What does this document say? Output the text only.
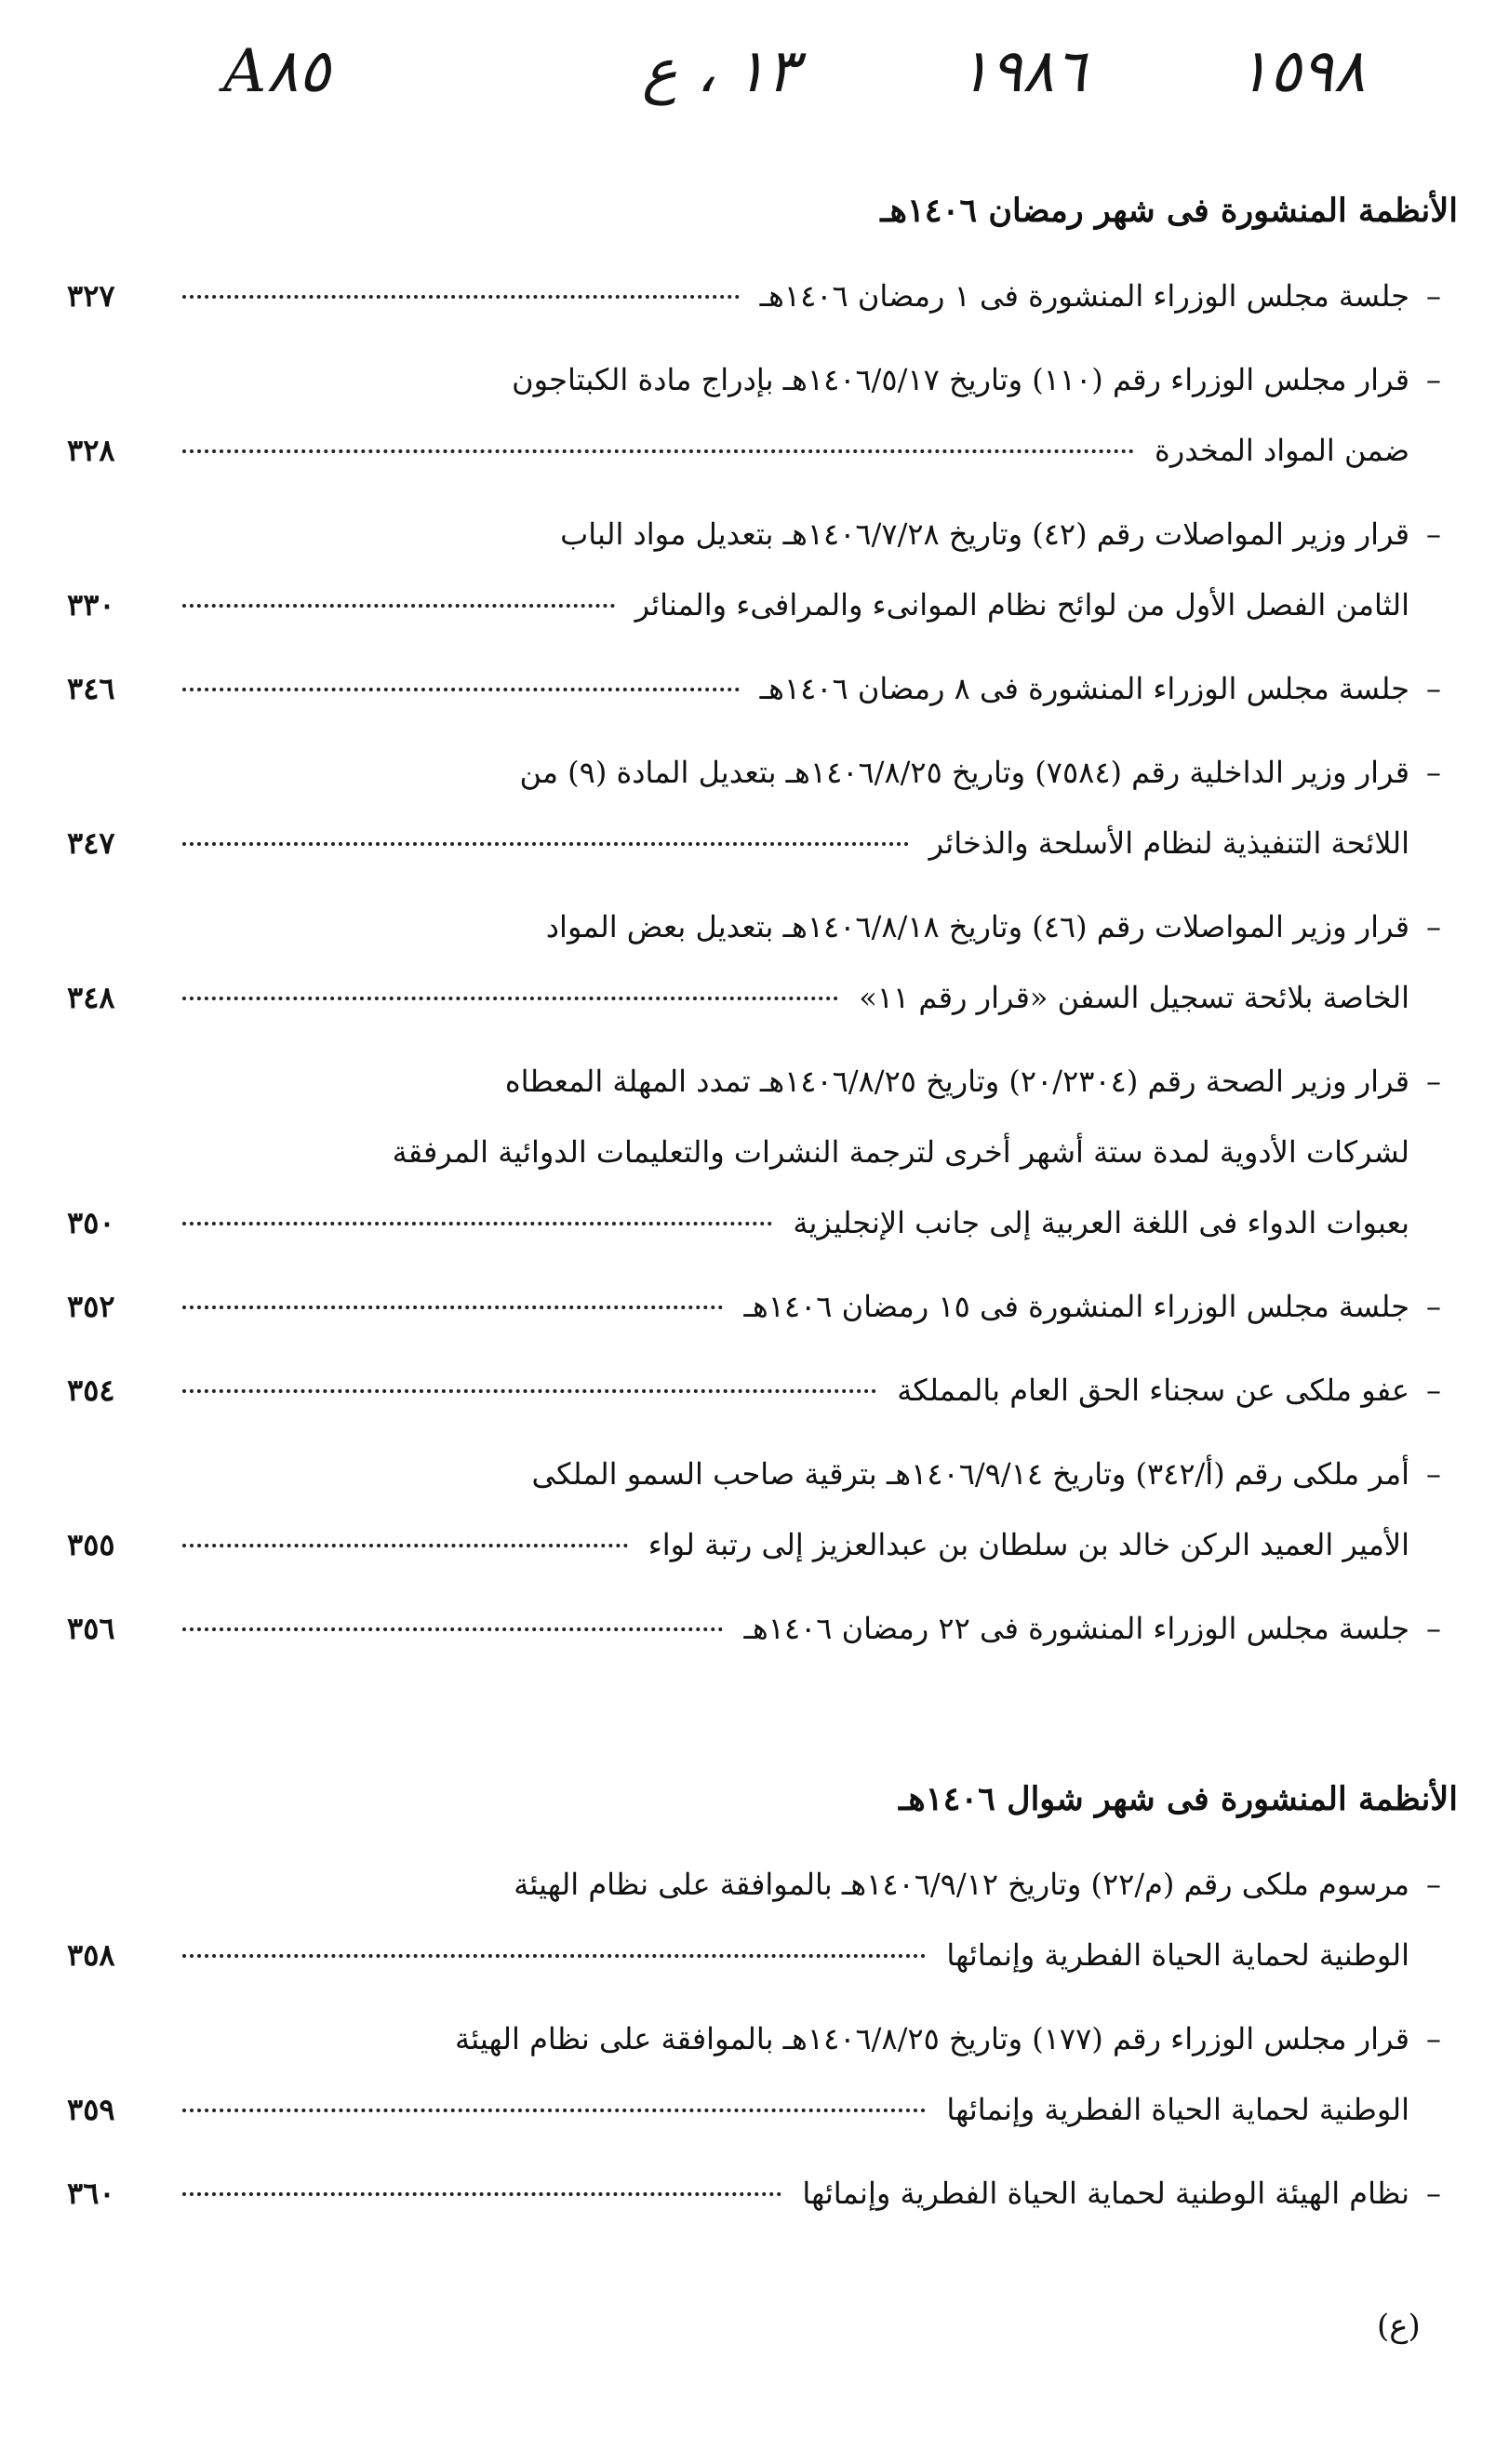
A٨٥	١٣ ، ع	١٩٨٦	١٥٩٨
الأنظمة المنشورة فى شهر رمضان ١٤٠٦هـ
–
جلسة مجلس الوزراء المنشورة فى ١ رمضان ١٤٠٦هـ
٣٢٧
–
قرار مجلس الوزراء رقم (١١٠) وتاريخ ١٤٠٦/٥/١٧هـ بإدراج مادة الكبتاجون
ضمن المواد المخدرة
٣٢٨
–
قرار وزير المواصلات رقم (٤٢) وتاريخ ١٤٠٦/٧/٢٨هـ بتعديل مواد الباب
الثامن الفصل الأول من لوائح نظام الموانىء والمرافىء والمنائر
٣٣٠
–
جلسة مجلس الوزراء المنشورة فى ٨ رمضان ١٤٠٦هـ
٣٤٦
–
قرار وزير الداخلية رقم (٧٥٨٤) وتاريخ ١٤٠٦/٨/٢٥هـ بتعديل المادة (٩) من
اللائحة التنفيذية لنظام الأسلحة والذخائر
٣٤٧
–
قرار وزير المواصلات رقم (٤٦) وتاريخ ١٤٠٦/٨/١٨هـ بتعديل بعض المواد
الخاصة بلائحة تسجيل السفن «قرار رقم ١١»
٣٤٨
–
قرار وزير الصحة رقم (٢٠/٢٣٠٤) وتاريخ ١٤٠٦/٨/٢٥هـ تمدد المهلة المعطاه
لشركات الأدوية لمدة ستة أشهر أخرى لترجمة النشرات والتعليمات الدوائية المرفقة
بعبوات الدواء فى اللغة العربية إلى جانب الإنجليزية
٣٥٠
–
جلسة مجلس الوزراء المنشورة فى ١٥ رمضان ١٤٠٦هـ
٣٥٢
–
عفو ملكى عن سجناء الحق العام بالمملكة
٣٥٤
–
أمر ملكى رقم (أ/٣٤٢) وتاريخ ١٤٠٦/٩/١٤هـ بترقية صاحب السمو الملكى
الأمير العميد الركن خالد بن سلطان بن عبدالعزيز إلى رتبة لواء
٣٥٥
–
جلسة مجلس الوزراء المنشورة فى ٢٢ رمضان ١٤٠٦هـ
٣٥٦
الأنظمة المنشورة فى شهر شوال ١٤٠٦هـ
–
مرسوم ملكى رقم (م/٢٢) وتاريخ ١٤٠٦/٩/١٢هـ بالموافقة على نظام الهيئة
الوطنية لحماية الحياة الفطرية وإنمائها
٣٥٨
–
قرار مجلس الوزراء رقم (١٧٧) وتاريخ ١٤٠٦/٨/٢٥هـ بالموافقة على نظام الهيئة
الوطنية لحماية الحياة الفطرية وإنمائها
٣٥٩
–
نظام الهيئة الوطنية لحماية الحياة الفطرية وإنمائها
٣٦٠
(ع)
